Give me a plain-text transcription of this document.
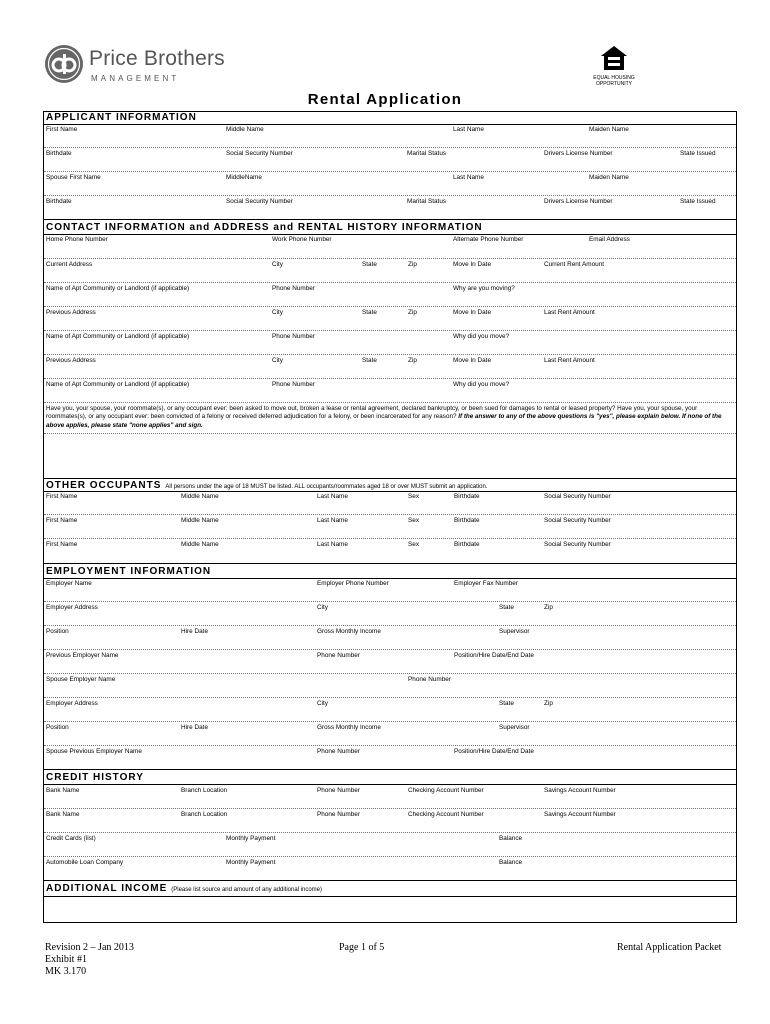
Price Brothers
MANAGEMENT	EQUAL HOUSING
OPPORTUNITY
Rental Application
APPLICANT INFORMATION
First Name	Middle Name	Last Name	Maiden Name
Birthdate	Social Security Number	Marital Status	Drivers License Number	State Issued
Spouse First Name	MiddleName	Last Name	Maiden Name
Birthdate	Social Security Number	Marital Status	Drivers License Number	State Issued
CONTACT INFORMATION and ADDRESS and RENTAL HISTORY INFORMATION
Home Phone Number	Work Phone Number	Alternate Phone Number	Email Address
Current Address	City	State	Zip	Move In Date	Current Rent Amount
Name of Apt Community or Landlord (if applicable)	Phone Number	Why are you moving?
Previous Address	City	State	Zip	Move In Date	Last Rent Amount
Name of Apt Community or Landlord (if applicable)	Phone Number	Why did you move?
Previous Address	City	State	Zip	Move In Date	Last Rent Amount
Name of Apt Community or Landlord (if applicable)	Phone Number	Why did you move?
Have you, your spouse, your roommate(s), or any occupant ever: been asked to move out, broken a lease or rental agreement, declared bankruptcy, or been sued for damages to rental or leased property? Have you, your spouse, your roommates(s), or any occupant ever: been convicted of a felony or received deferred adjudication for a felony, or been incarcerated for any reason? If the answer to any of the above questions is "yes", please explain below. If none of the above applies, please state "none applies" and sign.
OTHER OCCUPANTS All persons under the age of 18 MUST be listed. ALL occupants/roommates aged 18 or over MUST submit an application.
First Name	Middle Name	Last Name	Sex	Birthdate	Social Security Number
First Name	Middle Name	Last Name	Sex	Birthdate	Social Security Number
First Name	Middle Name	Last Name	Sex	Birthdate	Social Security Number
EMPLOYMENT INFORMATION
Employer Name	Employer Phone Number	Employer Fax Number
Employer Address	City	State	Zip
Position	Hire Date	Gross Monthly Income	Supervisor
Previous Employer Name	Phone Number	Position/Hire Date/End Date
Spouse Employer Name	Phone Number
Employer Address	City	State	Zip
Position	Hire Date	Gross Monthly Income	Supervisor
Spouse Previous Employer Name	Phone Number	Position/Hire Date/End Date
CREDIT HISTORY
Bank Name	Branch Location	Phone Number	Checking Account Number	Savings Account Number
Bank Name	Branch Location	Phone Number	Checking Account Number	Savings Account Number
Credit Cards (list)	Monthly Payment	Balance
Automobile Loan Company	Monthly Payment	Balance
ADDITIONAL INCOME (Please list source and amount of any additional income)
Revision 2 – Jan 2013
Exhibit #1
MK 3.170
Page 1 of 5	Rental Application Packet
